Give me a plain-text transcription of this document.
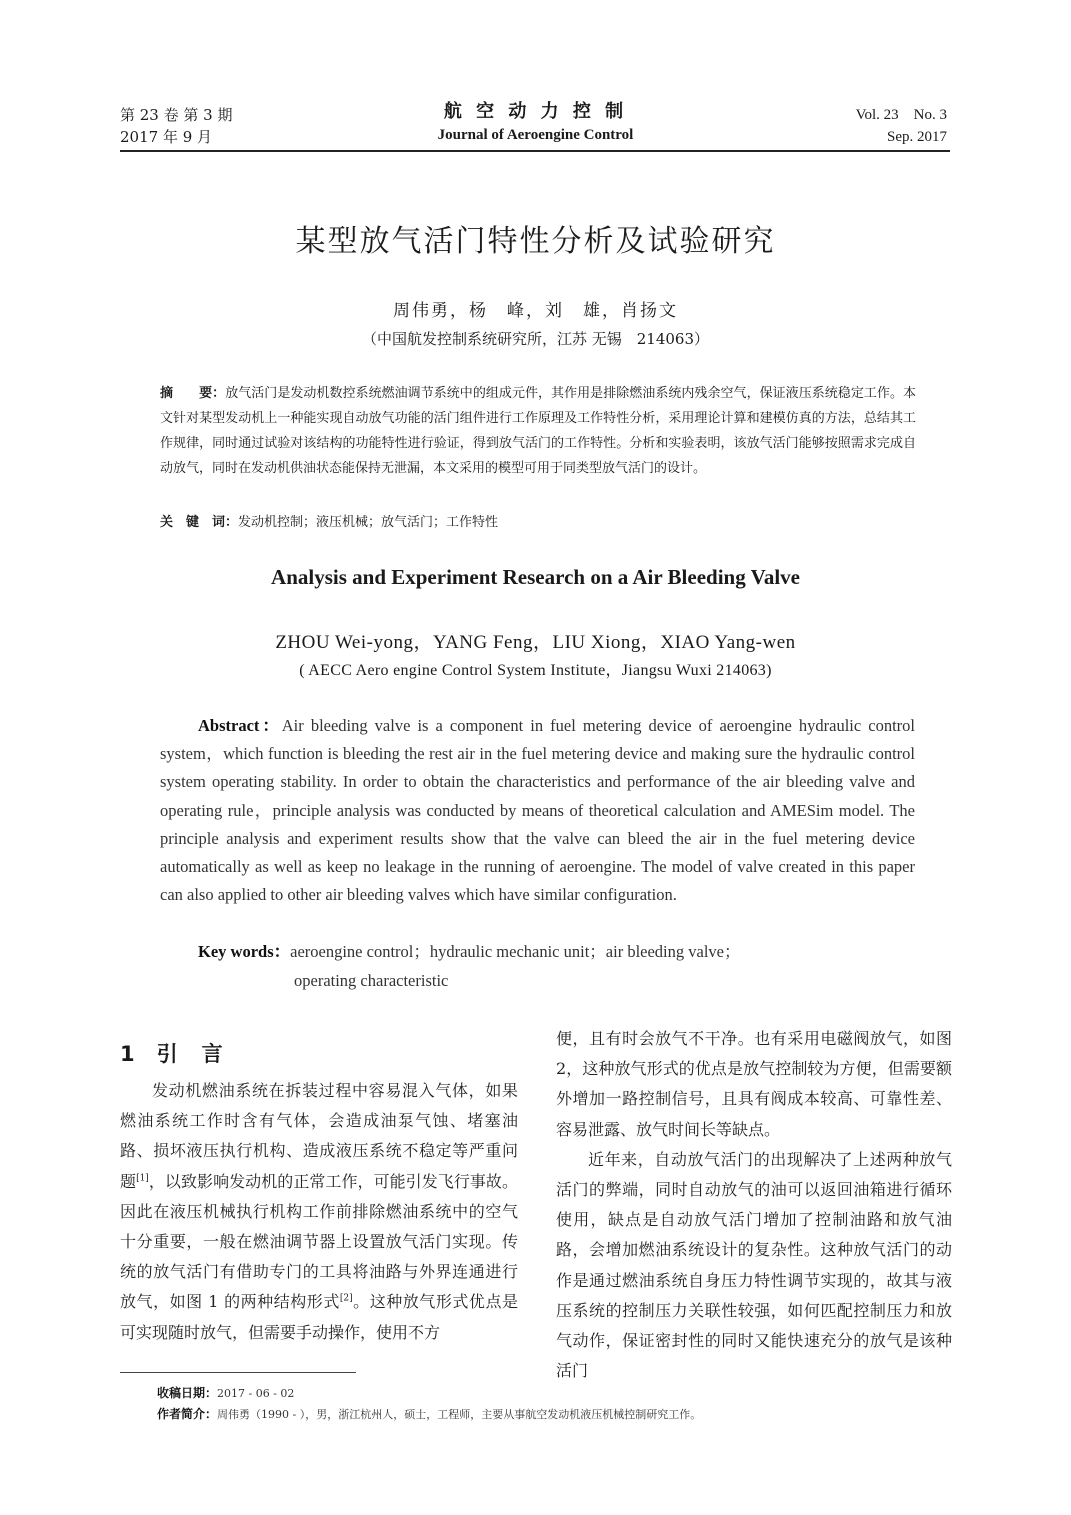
第 23 卷 第 3 期
2017 年 9 月
航 空 动 力 控 制
Journal of Aeroengine Control
Vol. 23    No. 3
Sep. 2017
某型放气活门特性分析及试验研究
周伟勇，杨　峰，刘　雄，肖扬文
（中国航发控制系统研究所，江苏 无锡　214063）
摘　　要：放气活门是发动机数控系统燃油调节系统中的组成元件，其作用是排除燃油系统内残余空气，保证液压系统稳定工作。本文针对某型发动机上一种能实现自动放气功能的活门组件进行工作原理及工作特性分析，采用理论计算和建模仿真的方法，总结其工作规律，同时通过试验对该结构的功能特性进行验证，得到放气活门的工作特性。分析和实验表明，该放气活门能够按照需求完成自动放气，同时在发动机供油状态能保持无泄漏，本文采用的模型可用于同类型放气活门的设计。
关　键　词：发动机控制；液压机械；放气活门；工作特性
Analysis and Experiment Research on a Air Bleeding Valve
ZHOU Wei-yong，YANG Feng，LIU Xiong，XIAO Yang-wen
( AECC Aero engine Control System Institute，Jiangsu Wuxi 214063)
Abstract：Air bleeding valve is a component in fuel metering device of aeroengine hydraulic control system，which function is bleeding the rest air in the fuel metering device and making sure the hydraulic control system operating stability. In order to obtain the characteristics and performance of the air bleeding valve and operating rule，principle analysis was conducted by means of theoretical calculation and AMESim model. The principle analysis and experiment results show that the valve can bleed the air in the fuel metering device automatically as well as keep no leakage in the running of aeroengine. The model of valve created in this paper can also applied to other air bleeding valves which have similar configuration.
Key words：aeroengine control；hydraulic mechanic unit；air bleeding valve；
operating characteristic
1 引言

发动机燃油系统在拆装过程中容易混入气体，如果燃油系统工作时含有气体，会造成油泵气蚀、堵塞油路、损坏液压执行机构、造成液压系统不稳定等严重问题[1]，以致影响发动机的正常工作，可能引发飞行事故。因此在液压机械执行机构工作前排除燃油系统中的空气十分重要，一般在燃油调节器上设置放气活门实现。传统的放气活门有借助专门的工具将油路与外界连通进行放气，如图 1 的两种结构形式[2]。这种放气形式优点是可实现随时放气，但需要手动操作，使用不方

便，且有时会放气不干净。也有采用电磁阀放气，如图 2，这种放气形式的优点是放气控制较为方便，但需要额外增加一路控制信号，且具有阀成本较高、可靠性差、容易泄露、放气时间长等缺点。

近年来，自动放气活门的出现解决了上述两种放气活门的弊端，同时自动放气的油可以返回油箱进行循环使用，缺点是自动放气活门增加了控制油路和放气油路，会增加燃油系统设计的复杂性。这种放气活门的动作是通过燃油系统自身压力特性调节实现的，故其与液压系统的控制压力关联性较强，如何匹配控制压力和放气动作，保证密封性的同时又能快速充分的放气是该种活门

收稿日期：2017 - 06 - 02
作者简介：周伟勇（1990 - ），男，浙江杭州人，硕士，工程师，主要从事航空发动机液压机械控制研究工作。
